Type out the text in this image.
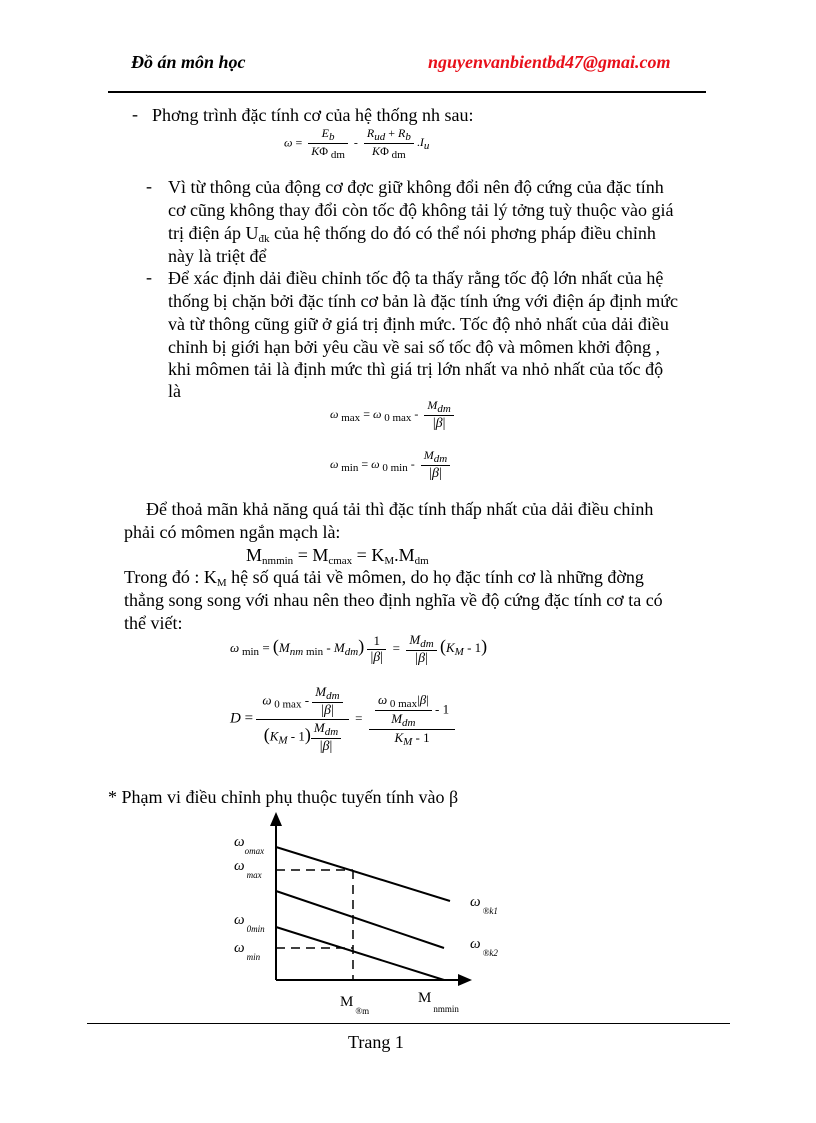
Đồ án môn học	nguyenvanbientbd47@gmai.com
- Phơng trình đặc tính cơ của hệ thống nh sau:
$\omega = \frac{E_b}{K\Phi _{dm}} - \frac{R_{ud} + R_b}{K\Phi _{dm}} .I_u$
- Vì từ thông của động cơ đợc giữ không đổi nên độ cứng của đặc tính
cơ cũng không thay đổi còn tốc độ không tải lý tởng tuỳ thuộc vào giá
trị điện áp $U_{đk}$ của hệ thống do đó có thể nói phơng pháp điều chỉnh
này là triệt để
- Để xác định dải điều chỉnh tốc độ ta thấy rằng tốc độ lớn nhất của hệ
thống bị chặn bởi đặc tính cơ bản là đặc tính ứng với điện áp định mức
và từ thông cũng giữ ở giá trị định mức. Tốc độ nhỏ nhất của dải điều
chỉnh bị giới hạn bởi yêu cầu về sai số tốc độ và mômen khởi động ,
khi mômen tải là định mức thì giá trị lớn nhất va nhỏ nhất của tốc độ
là
ω $_{max}$ = ω $_{0 max} - \frac{M_{dm}}{|\beta|}$
ω $_{min}$ = ω $_{0 min} - \frac{M_{dm}}{|\beta|}$
Để thoả mãn khả năng quá tải thì đặc tính thấp nhất của dải điều chỉnh
phải có mômen ngắn mạch là:
$M_{nmmin} = M_{cmax} = K_M.M_{dm}$
Trong đó : $K_M$ hệ số quá tải về mômen, do họ đặc tính cơ là những đờng
thẳng song song với nhau nên theo định nghĩa về độ cứng đặc tính cơ ta có
thể viết:
ω $_{min} = (M_{nm min} - M_{dm}) \frac{1}{|\beta|} = \frac{M_{dm}}{|\beta|} (K_M - 1)$
$D = \frac{\omega _{0 max} - \frac{M_{dm}}{|\beta|}}{(K_M - 1) \frac{M_{dm}}{|\beta|}} = \frac{\frac{\omega _{0 max}|\beta|}{M_{dm}} - 1}{K_M - 1}$
* Phạm vi điều chỉnh phụ thuộc tuyến tính vào β
$\omega_{omax}$
$\omega_{max}$
$\omega_{0min}$
$\omega_{min}$
$\omega_{®k1}$
$\omega_{®k2}$
$M_{®m}$
$M_{nmmin}$
Trang 1
